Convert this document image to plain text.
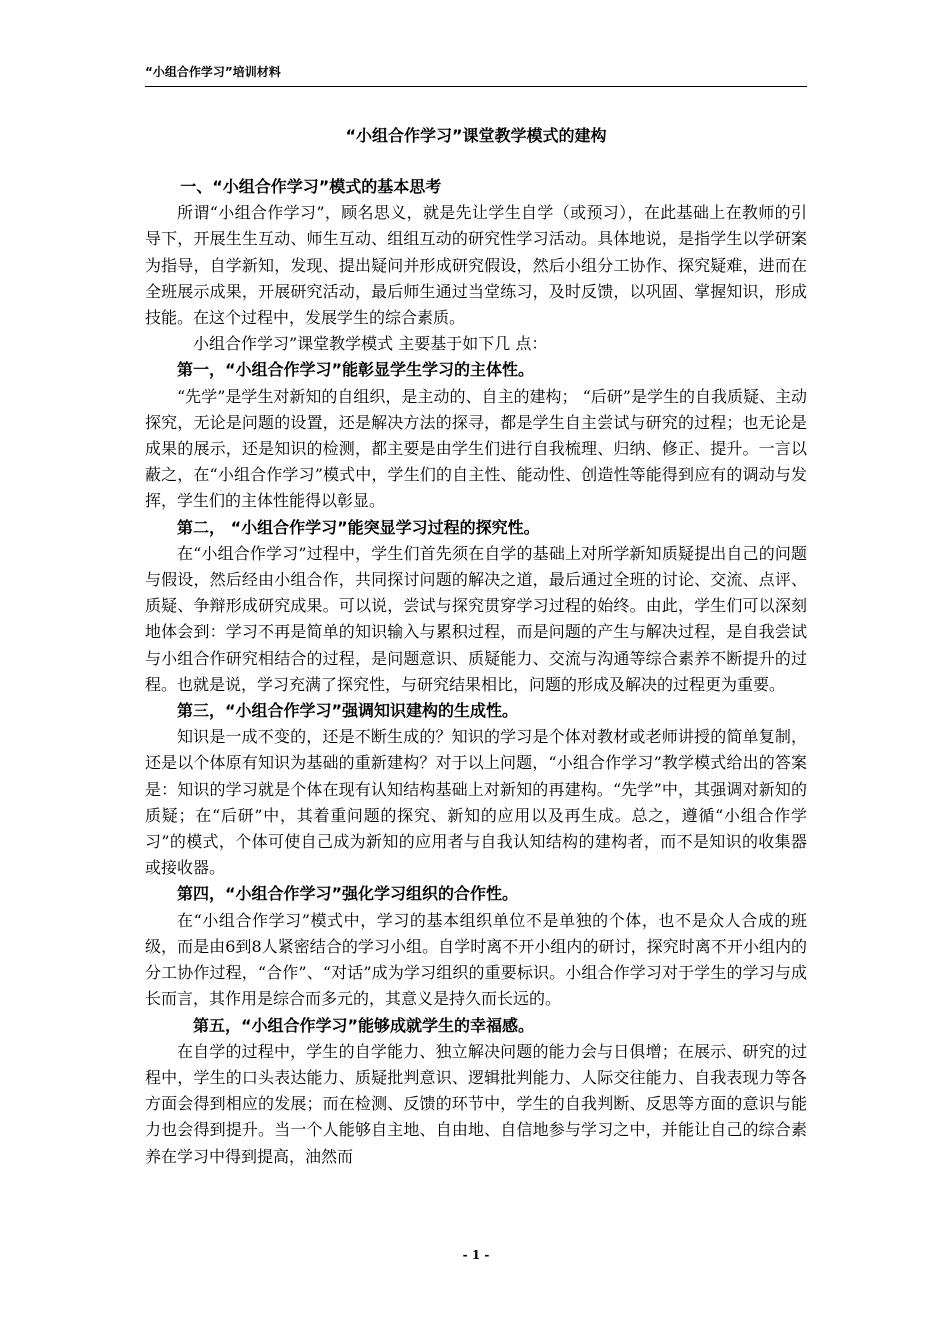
“小组合作学习”培训材料
“小组合作学习”课堂教学模式的建构

一、“小组合作学习”模式的基本思考

所谓“小组合作学习”，顾名思义，就是先让学生自学（或预习），在此基础上在教师的引导下，开展生生互动、师生互动、组组互动的研究性学习活动。具体地说，是指学生以学研案为指导，自学新知，发现、提出疑问并形成研究假设，然后小组分工协作、探究疑难，进而在全班展示成果，开展研究活动，最后师生通过当堂练习，及时反馈，以巩固、掌握知识，形成技能。在这个过程中，发展学生的综合素质。

小组合作学习”课堂教学模式 主要基于如下几 点：

第一，“小组合作学习”能彰显学生学习的主体性。

“先学”是学生对新知的自组织，是主动的、自主的建构； “后研”是学生的自我质疑、主动探究，无论是问题的设置，还是解决方法的探寻，都是学生自主尝试与研究的过程；也无论是成果的展示，还是知识的检测，都主要是由学生们进行自我梳理、归纳、修正、提升。一言以蔽之，在“小组合作学习”模式中，学生们的自主性、能动性、创造性等能得到应有的调动与发挥，学生们的主体性能得以彰显。

第二， “小组合作学习”能突显学习过程的探究性。

在“小组合作学习”过程中，学生们首先须在自学的基础上对所学新知质疑提出自己的问题与假设，然后经由小组合作，共同探讨问题的解决之道，最后通过全班的讨论、交流、点评、质疑、争辩形成研究成果。可以说，尝试与探究贯穿学习过程的始终。由此，学生们可以深刻地体会到：学习不再是简单的知识输入与累积过程，而是问题的产生与解决过程，是自我尝试与小组合作研究相结合的过程，是问题意识、质疑能力、交流与沟通等综合素养不断提升的过程。也就是说，学习充满了探究性，与研究结果相比，问题的形成及解决的过程更为重要。

第三，“小组合作学习”强调知识建构的生成性。

知识是一成不变的，还是不断生成的？知识的学习是个体对教材或老师讲授的简单复制，还是以个体原有知识为基础的重新建构？对于以上问题，“小组合作学习”教学模式给出的答案是：知识的学习就是个体在现有认知结构基础上对新知的再建构。“先学”中，其强调对新知的质疑；在“后研”中，其着重问题的探究、新知的应用以及再生成。总之，遵循“小组合作学习”的模式，个体可使自己成为新知的应用者与自我认知结构的建构者，而不是知识的收集器或接收器。

第四，“小组合作学习”强化学习组织的合作性。

在“小组合作学习”模式中，学习的基本组织单位不是单独的个体，也不是众人合成的班级，而是由6到8人紧密结合的学习小组。自学时离不开小组内的研讨，探究时离不开小组内的分工协作过程，“合作”、“对话”成为学习组织的重要标识。小组合作学习对于学生的学习与成长而言，其作用是综合而多元的，其意义是持久而长远的。

第五，“小组合作学习”能够成就学生的幸福感。

在自学的过程中，学生的自学能力、独立解决问题的能力会与日俱增；在展示、研究的过程中，学生的口头表达能力、质疑批判意识、逻辑批判能力、人际交往能力、自我表现力等各方面会得到相应的发展；而在检测、反馈的环节中，学生的自我判断、反思等方面的意识与能力也会得到提升。当一个人能够自主地、自由地、自信地参与学习之中，并能让自己的综合素养在学习中得到提高，油然而

- 1 -
